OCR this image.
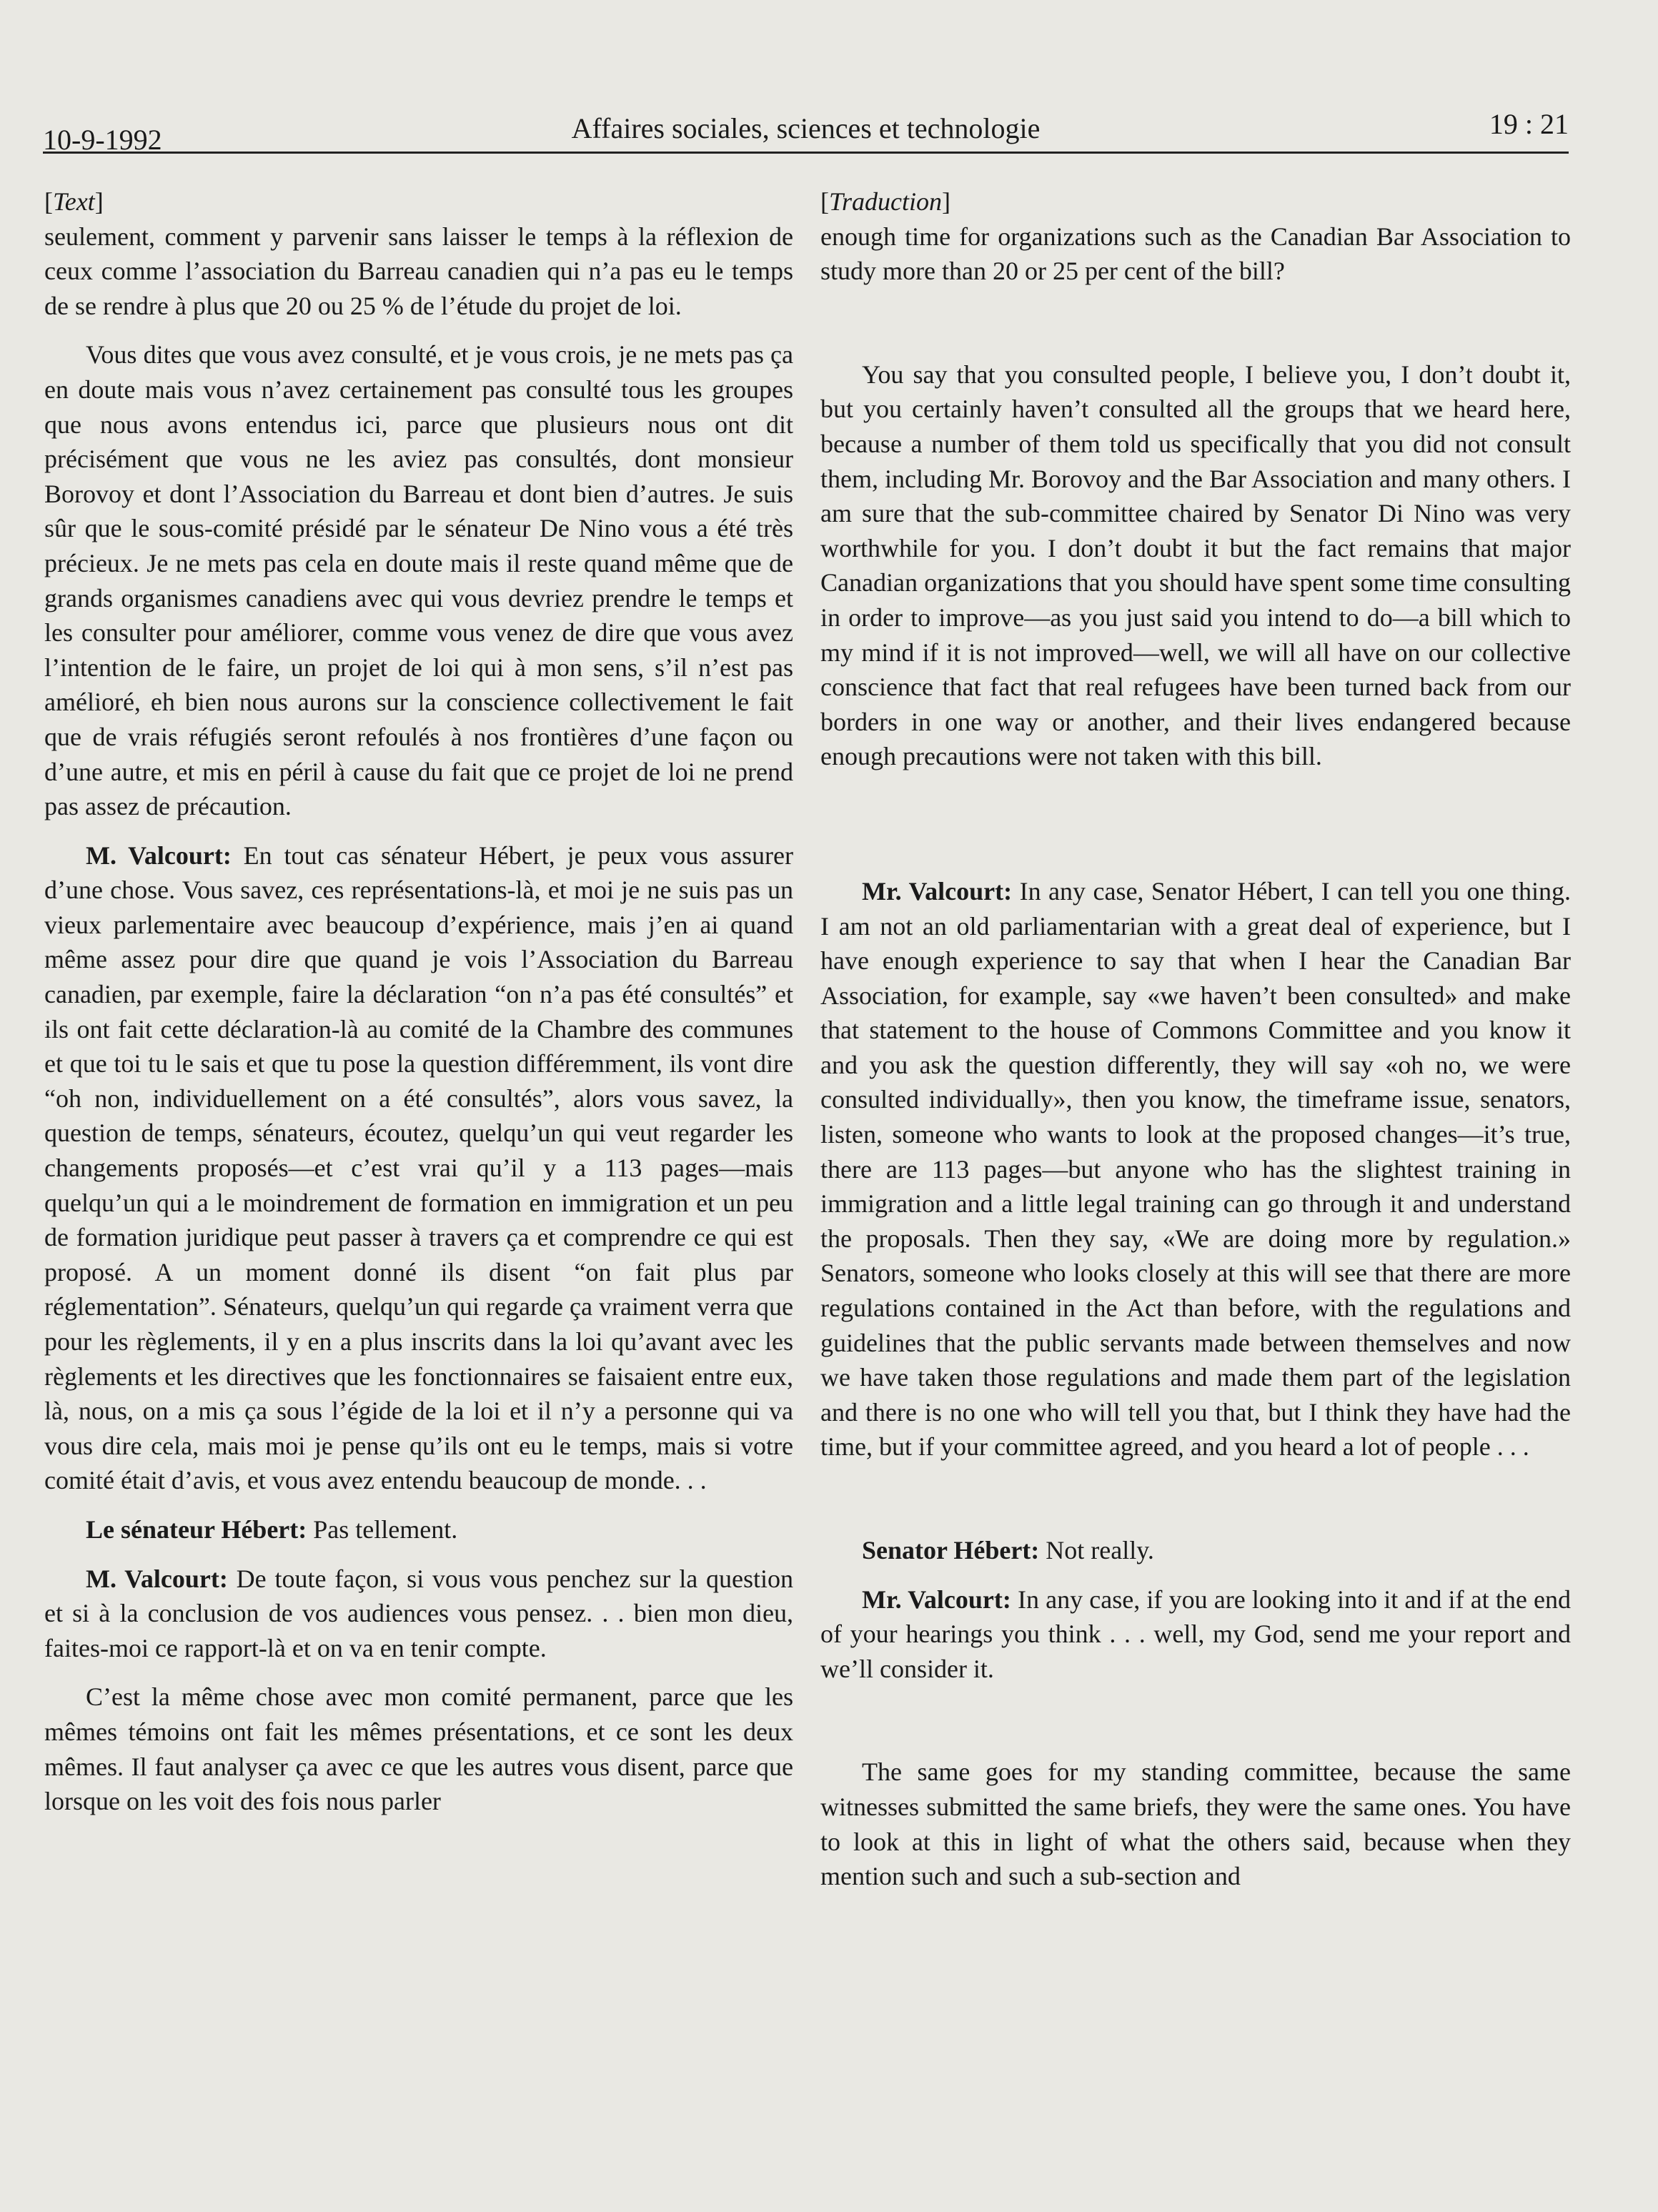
10-9-1992	Affaires sociales, sciences et technologie	19 : 21
[Text]

seulement, comment y parvenir sans laisser le temps à la réflexion de ceux comme l’association du Barreau canadien qui n’a pas eu le temps de se rendre à plus que 20 ou 25 % de l’étude du projet de loi.

Vous dites que vous avez consulté, et je vous crois, je ne mets pas ça en doute mais vous n’avez certainement pas consulté tous les groupes que nous avons entendus ici, parce que plusieurs nous ont dit précisément que vous ne les aviez pas consultés, dont monsieur Borovoy et dont l’Association du Barreau et dont bien d’autres. Je suis sûr que le sous-comité présidé par le sénateur De Nino vous a été très précieux. Je ne mets pas cela en doute mais il reste quand même que de grands organismes canadiens avec qui vous devriez prendre le temps et les consulter pour améliorer, comme vous venez de dire que vous avez l’intention de le faire, un projet de loi qui à mon sens, s’il n’est pas amélioré, eh bien nous aurons sur la conscience collectivement le fait que de vrais réfugiés seront refoulés à nos frontières d’une façon ou d’une autre, et mis en péril à cause du fait que ce projet de loi ne prend pas assez de précaution.

M. Valcourt: En tout cas sénateur Hébert, je peux vous assurer d’une chose. Vous savez, ces représentations-là, et moi je ne suis pas un vieux parlementaire avec beaucoup d’expérience, mais j’en ai quand même assez pour dire que quand je vois l’Association du Barreau canadien, par exemple, faire la déclaration “on n’a pas été consultés” et ils ont fait cette déclaration-là au comité de la Chambre des communes et que toi tu le sais et que tu pose la question différemment, ils vont dire “oh non, individuellement on a été consultés”, alors vous savez, la question de temps, sénateurs, écoutez, quelqu’un qui veut regarder les changements proposés—et c’est vrai qu’il y a 113 pages—mais quelqu’un qui a le moindrement de formation en immigration et un peu de formation juridique peut passer à travers ça et comprendre ce qui est proposé. A un moment donné ils disent “on fait plus par réglementation”. Sénateurs, quelqu’un qui regarde ça vraiment verra que pour les règlements, il y en a plus inscrits dans la loi qu’avant avec les règlements et les directives que les fonctionnaires se faisaient entre eux, là, nous, on a mis ça sous l’égide de la loi et il n’y a personne qui va vous dire cela, mais moi je pense qu’ils ont eu le temps, mais si votre comité était d’avis, et vous avez entendu beaucoup de monde. . .

Le sénateur Hébert: Pas tellement.

M. Valcourt: De toute façon, si vous vous penchez sur la question et si à la conclusion de vos audiences vous pensez. . . bien mon dieu, faites-moi ce rapport-là et on va en tenir compte.

C’est la même chose avec mon comité permanent, parce que les mêmes témoins ont fait les mêmes présentations, et ce sont les deux mêmes. Il faut analyser ça avec ce que les autres vous disent, parce que lorsque on les voit des fois nous parler

[Traduction]

enough time for organizations such as the Canadian Bar Association to study more than 20 or 25 per cent of the bill?

You say that you consulted people, I believe you, I don’t doubt it, but you certainly haven’t consulted all the groups that we heard here, because a number of them told us specifically that you did not consult them, including Mr. Borovoy and the Bar Association and many others. I am sure that the sub-committee chaired by Senator Di Nino was very worthwhile for you. I don’t doubt it but the fact remains that major Canadian organizations that you should have spent some time consulting in order to improve—as you just said you intend to do—a bill which to my mind if it is not improved—well, we will all have on our collective conscience that fact that real refugees have been turned back from our borders in one way or another, and their lives endangered because enough precautions were not taken with this bill.

Mr. Valcourt: In any case, Senator Hébert, I can tell you one thing. I am not an old parliamentarian with a great deal of experience, but I have enough experience to say that when I hear the Canadian Bar Association, for example, say «we haven’t been consulted» and make that statement to the house of Commons Committee and you know it and you ask the question differently, they will say «oh no, we were consulted individually», then you know, the timeframe issue, senators, listen, someone who wants to look at the proposed changes—it’s true, there are 113 pages—but anyone who has the slightest training in immigration and a little legal training can go through it and understand the proposals. Then they say, «We are doing more by regulation.» Senators, someone who looks closely at this will see that there are more regulations contained in the Act than before, with the regulations and guidelines that the public servants made between themselves and now we have taken those regulations and made them part of the legislation and there is no one who will tell you that, but I think they have had the time, but if your committee agreed, and you heard a lot of people . . .

Senator Hébert: Not really.

Mr. Valcourt: In any case, if you are looking into it and if at the end of your hearings you think . . . well, my God, send me your report and we’ll consider it.

The same goes for my standing committee, because the same witnesses submitted the same briefs, they were the same ones. You have to look at this in light of what the others said, because when they mention such and such a sub-section and
